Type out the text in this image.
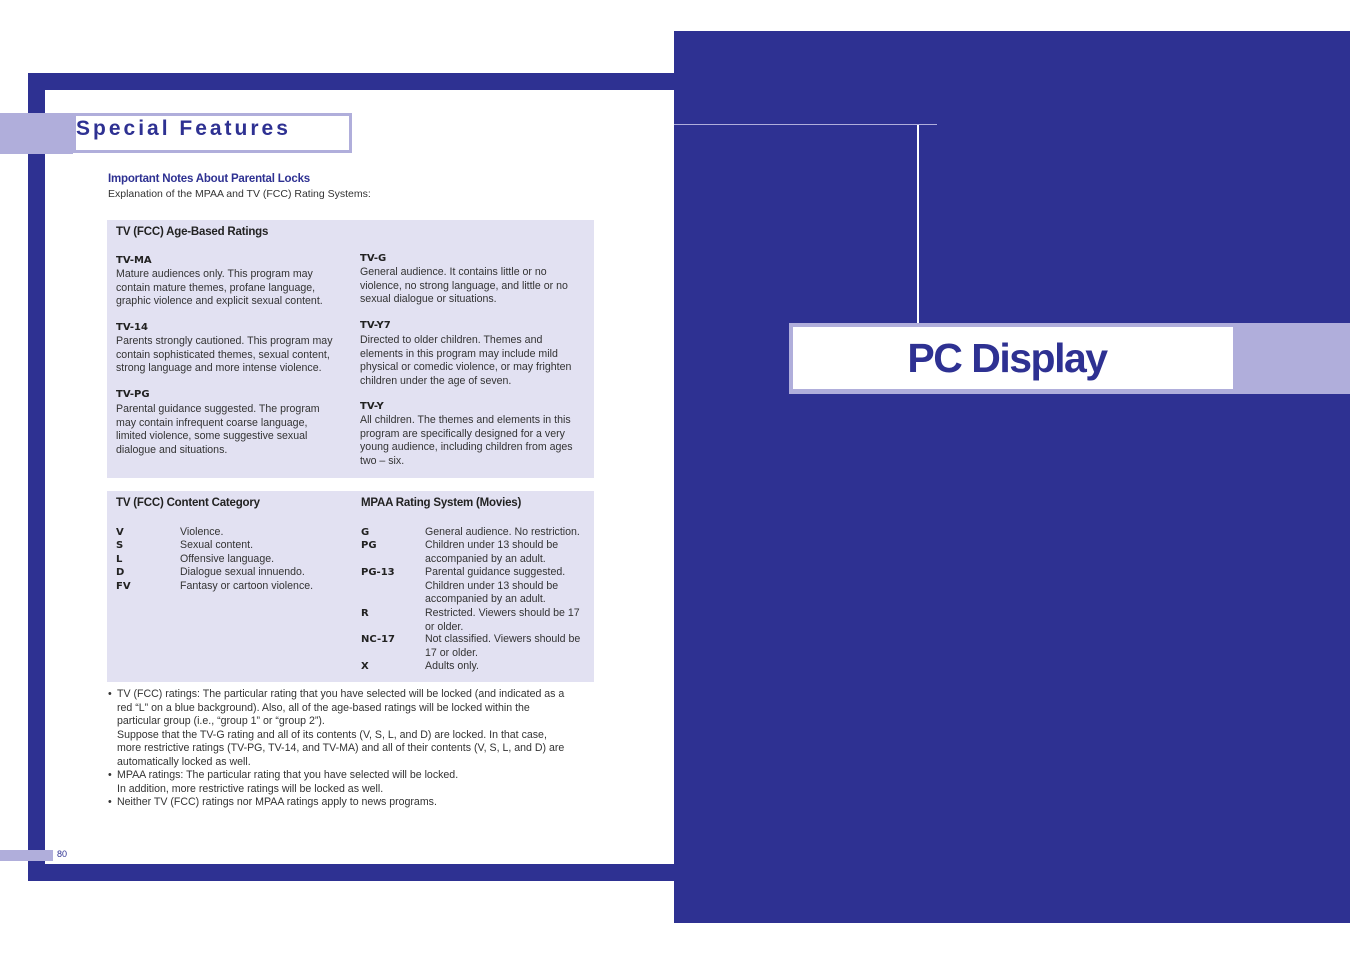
Special Features
Important Notes About Parental Locks
Explanation of the MPAA and TV (FCC) Rating Systems:
TV (FCC) Age-Based Ratings
TV-MA
Mature audiences only. This program may
contain mature themes, profane language,
graphic violence and explicit sexual content.
TV-14
Parents strongly cautioned. This program may
contain sophisticated themes, sexual content,
strong language and more intense violence.
TV-PG
Parental guidance suggested. The program
may contain infrequent coarse language,
limited violence, some suggestive sexual
dialogue and situations.
TV-G
General audience. It contains little or no
violence, no strong language, and little or no
sexual dialogue or situations.
TV-Y7
Directed to older children. Themes and
elements in this program may include mild
physical or comedic violence, or may frighten
children under the age of seven.
TV-Y
All children. The themes and elements in this
program are specifically designed for a very
young audience, including children from ages
two – six.
TV (FCC) Content Category	MPAA Rating System (Movies)
V	Violence.
S	Sexual content.
L	Offensive language.
D	Dialogue sexual innuendo.
FV	Fantasy or cartoon violence.
G	General audience. No restriction.
PG	Children under 13 should be
accompanied by an adult.
PG-13	Parental guidance suggested.
Children under 13 should be
accompanied by an adult.
R	Restricted. Viewers should be 17
or older.
NC-17	Not classified. Viewers should be
17 or older.
X	Adults only.
• TV (FCC) ratings: The particular rating that you have selected will be locked (and indicated as a
red “L” on a blue background). Also, all of the age-based ratings will be locked within the
particular group (i.e., “group 1” or “group 2”).
Suppose that the TV-G rating and all of its contents (V, S, L, and D) are locked. In that case,
more restrictive ratings (TV-PG, TV-14, and TV-MA) and all of their contents (V, S, L, and D) are
automatically locked as well.
• MPAA ratings: The particular rating that you have selected will be locked.
In addition, more restrictive ratings will be locked as well.
• Neither TV (FCC) ratings nor MPAA ratings apply to news programs.
80
PC Display
